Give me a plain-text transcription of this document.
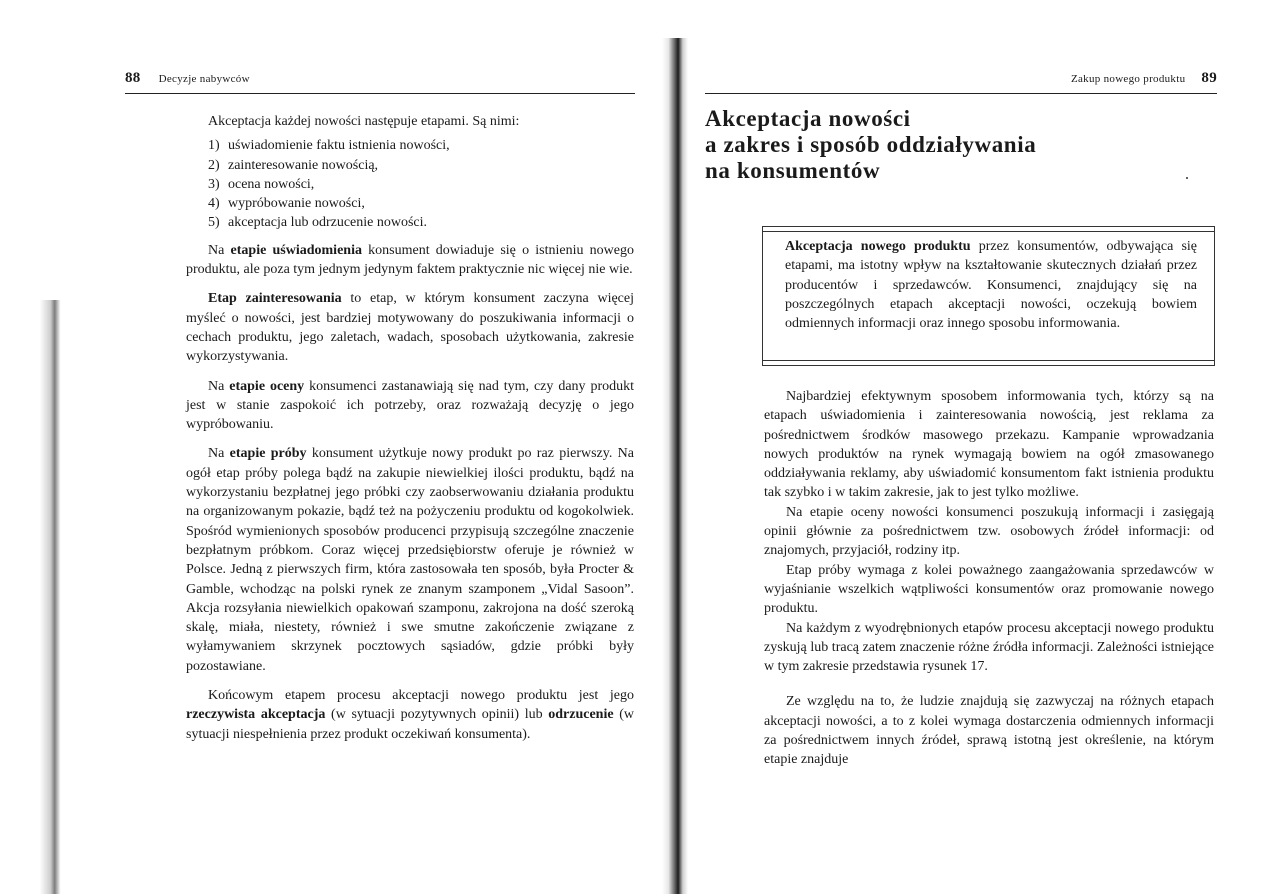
88 Decyzje nabywców

Akceptacja każdej nowości następuje etapami. Są nimi:

1) uświadomienie faktu istnienia nowości,
2) zainteresowanie nowością,
3) ocena nowości,
4) wypróbowanie nowości,
5) akceptacja lub odrzucenie nowości.

Na etapie uświadomienia konsument dowiaduje się o istnieniu nowego produktu, ale poza tym jednym jedynym faktem praktycznie nic więcej nie wie.

Etap zainteresowania to etap, w którym konsument zaczyna więcej myśleć o nowości, jest bardziej motywowany do poszukiwania informacji o cechach produktu, jego zaletach, wadach, sposobach użytkowania, zakresie wykorzystywania.

Na etapie oceny konsumenci zastanawiają się nad tym, czy dany produkt jest w stanie zaspokoić ich potrzeby, oraz rozważają decyzję o jego wypróbowaniu.

Na etapie próby konsument użytkuje nowy produkt po raz pierwszy. Na ogół etap próby polega bądź na zakupie niewielkiej ilości produktu, bądź na wykorzystaniu bezpłatnej jego próbki czy zaobserwowaniu działania produktu na organizowanym pokazie, bądź też na pożyczeniu produktu od kogokolwiek. Spośród wymienionych sposobów producenci przypisują szczególne znaczenie bezpłatnym próbkom. Coraz więcej przedsiębiorstw oferuje je również w Polsce. Jedną z pierwszych firm, która zastosowała ten sposób, była Procter & Gamble, wchodząc na polski rynek ze znanym szamponem „Vidal Sasoon”. Akcja rozsyłania niewielkich opakowań szamponu, zakrojona na dość szeroką skalę, miała, niestety, również i swe smutne zakończenie związane z wyłamywaniem skrzynek pocztowych sąsiadów, gdzie próbki były pozostawiane.

Końcowym etapem procesu akceptacji nowego produktu jest jego rzeczywista akceptacja (w sytuacji pozytywnych opinii) lub odrzucenie (w sytuacji niespełnienia przez produkt oczekiwań konsumenta).

Zakup nowego produktu 89
Akceptacja nowości
a zakres i sposób oddziaływania
na konsumentów

Akceptacja nowego produktu przez konsumentów, odbywająca się etapami, ma istotny wpływ na kształtowanie skutecznych działań przez producentów i sprzedawców. Konsumenci, znajdujący się na poszczególnych etapach akceptacji nowości, oczekują bowiem odmiennych informacji oraz innego sposobu informowania.

Najbardziej efektywnym sposobem informowania tych, którzy są na etapach uświadomienia i zainteresowania nowością, jest reklama za pośrednictwem środków masowego przekazu. Kampanie wprowadzania nowych produktów na rynek wymagają bowiem na ogół zmasowanego oddziaływania reklamy, aby uświadomić konsumentom fakt istnienia produktu tak szybko i w takim zakresie, jak to jest tylko możliwe.

Na etapie oceny nowości konsumenci poszukują informacji i zasięgają opinii głównie za pośrednictwem tzw. osobowych źródeł informacji: od znajomych, przyjaciół, rodziny itp.

Etap próby wymaga z kolei poważnego zaangażowania sprzedawców w wyjaśnianie wszelkich wątpliwości konsumentów oraz promowanie nowego produktu.

Na każdym z wyodrębnionych etapów procesu akceptacji nowego produktu zyskują lub tracą zatem znaczenie różne źródła informacji. Zależności istniejące w tym zakresie przedstawia rysunek 17.

Ze względu na to, że ludzie znajdują się zazwyczaj na różnych etapach akceptacji nowości, a to z kolei wymaga dostarczenia odmiennych informacji za pośrednictwem innych źródeł, sprawą istotną jest określenie, na którym etapie znajduje
